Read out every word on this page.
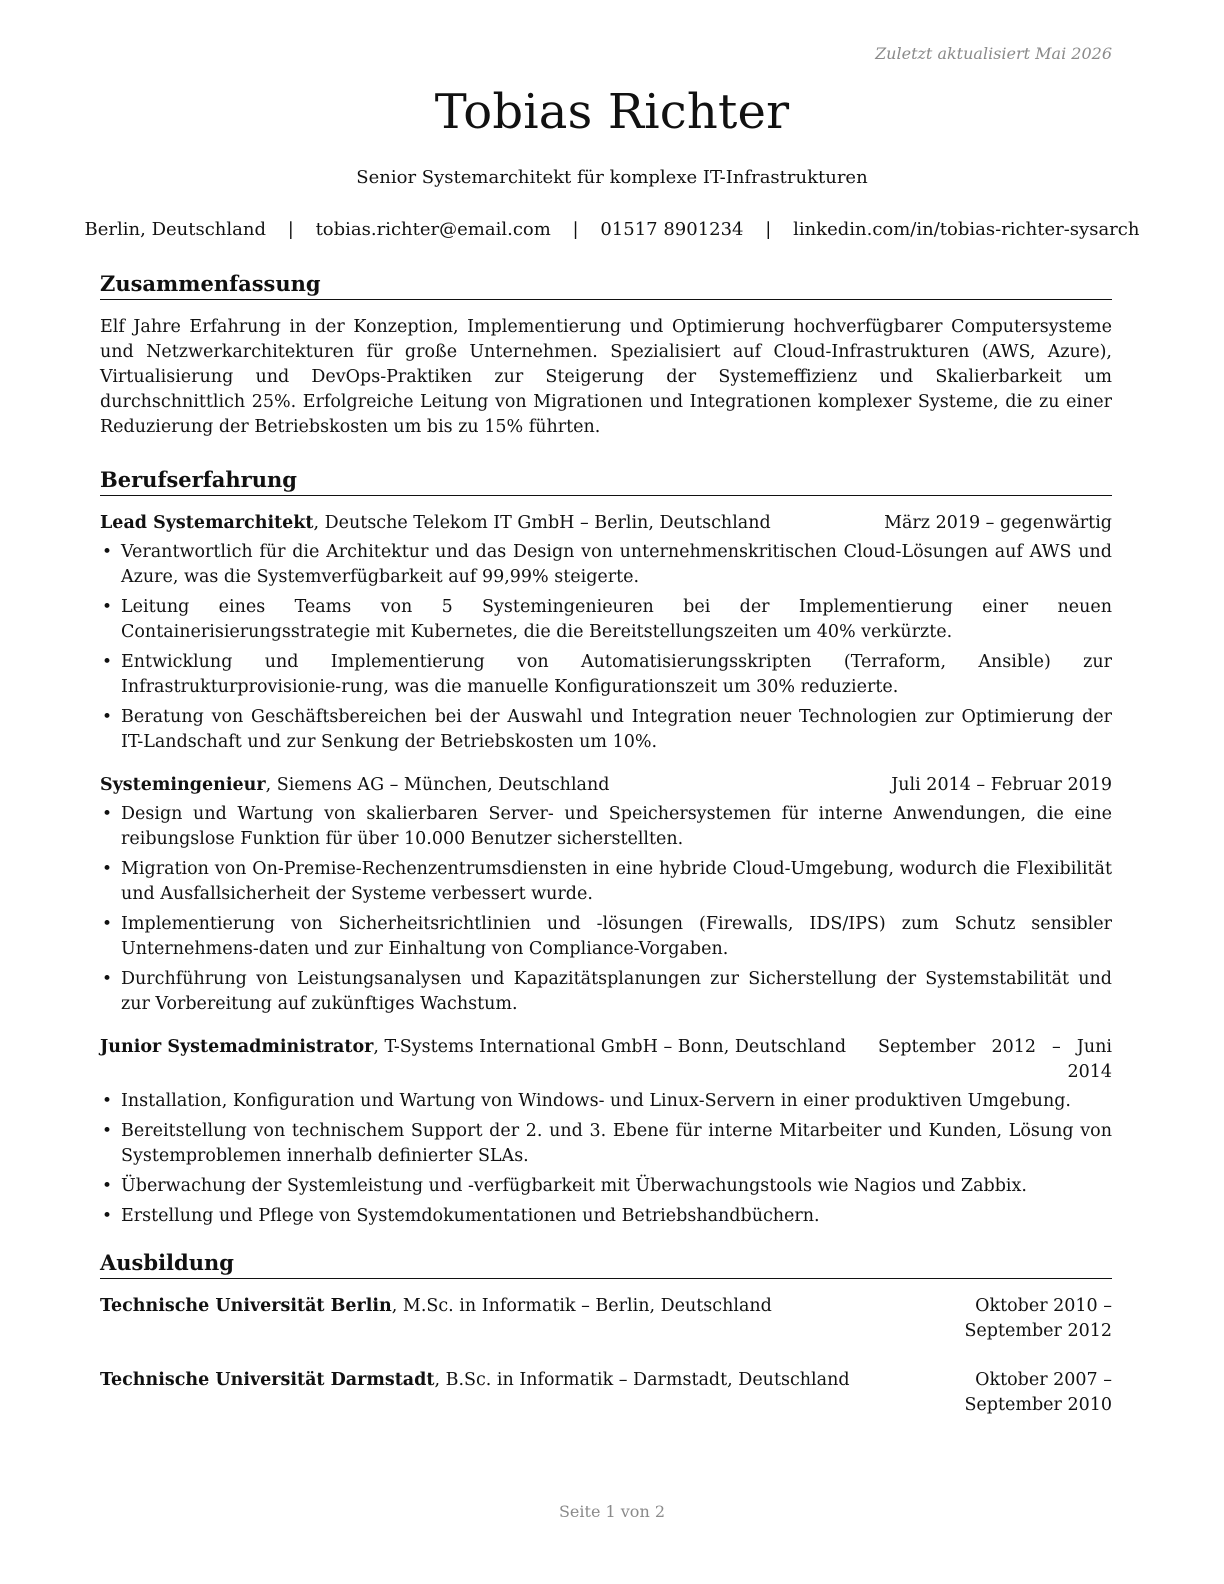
Zuletzt aktualisiert Mai 2026
Tobias Richter
Senior Systemarchitekt für komplexe IT-Infrastrukturen
Berlin, Deutschland | tobias.richter@email.com | 01517 8901234 | linkedin.com/in/tobias-richter-sysarch
Zusammenfassung

Elf Jahre Erfahrung in der Konzeption, Implementierung und Optimierung hochverfügbarer Computersysteme und Netzwerkarchitekturen für große Unternehmen. Spezialisiert auf Cloud-Infrastrukturen (AWS, Azure), Virtualisierung und DevOps-Praktiken zur Steigerung der Systemeffizienz und Skalierbarkeit um durchschnittlich 25%. Erfolgreiche Leitung von Migrationen und Integrationen komplexer Systeme, die zu einer Reduzierung der Betriebskosten um bis zu 15% führten.

Berufserfahrung
Lead Systemarchitekt, Deutsche Telekom IT GmbH – Berlin, Deutschland	März 2019 – gegenwärtig
• Verantwortlich für die Architektur und das Design von unternehmenskritischen Cloud-Lösungen auf AWS und Azure, was die Systemverfügbarkeit auf 99,99% steigerte.
• Leitung eines Teams von 5 Systemingenieuren bei der Implementierung einer neuen Containerisierungsstrategie mit Kubernetes, die die Bereitstellungszeiten um 40% verkürzte.
• Entwicklung und Implementierung von Automatisierungsskripten (Terraform, Ansible) zur Infrastrukturprovisionie-rung, was die manuelle Konfigurationszeit um 30% reduzierte.
• Beratung von Geschäftsbereichen bei der Auswahl und Integration neuer Technologien zur Optimierung der IT-Landschaft und zur Senkung der Betriebskosten um 10%.
Systemingenieur, Siemens AG – München, Deutschland	Juli 2014 – Februar 2019
• Design und Wartung von skalierbaren Server- und Speichersystemen für interne Anwendungen, die eine reibungslose Funktion für über 10.000 Benutzer sicherstellten.
• Migration von On-Premise-Rechenzentrumsdiensten in eine hybride Cloud-Umgebung, wodurch die Flexibilität und Ausfallsicherheit der Systeme verbessert wurde.
• Implementierung von Sicherheitsrichtlinien und -lösungen (Firewalls, IDS/IPS) zum Schutz sensibler Unternehmens-daten und zur Einhaltung von Compliance-Vorgaben.
• Durchführung von Leistungsanalysen und Kapazitätsplanungen zur Sicherstellung der Systemstabilität und zur Vorbereitung auf zukünftiges Wachstum.
Junior Systemadministrator, T-Systems International GmbH – Bonn, Deutschland	September 2012 – Juni 2014
• Installation, Konfiguration und Wartung von Windows- und Linux-Servern in einer produktiven Umgebung.
• Bereitstellung von technischem Support der 2. und 3. Ebene für interne Mitarbeiter und Kunden, Lösung von Systemproblemen innerhalb definierter SLAs.
• Überwachung der Systemleistung und -verfügbarkeit mit Überwachungstools wie Nagios und Zabbix.
• Erstellung und Pflege von Systemdokumentationen und Betriebshandbüchern.
Ausbildung
Technische Universität Berlin, M.Sc. in Informatik – Berlin, Deutschland	Oktober 2010 – September 2012
Technische Universität Darmstadt, B.Sc. in Informatik – Darmstadt, Deutschland	Oktober 2007 – September 2010
Seite 1 von 2
